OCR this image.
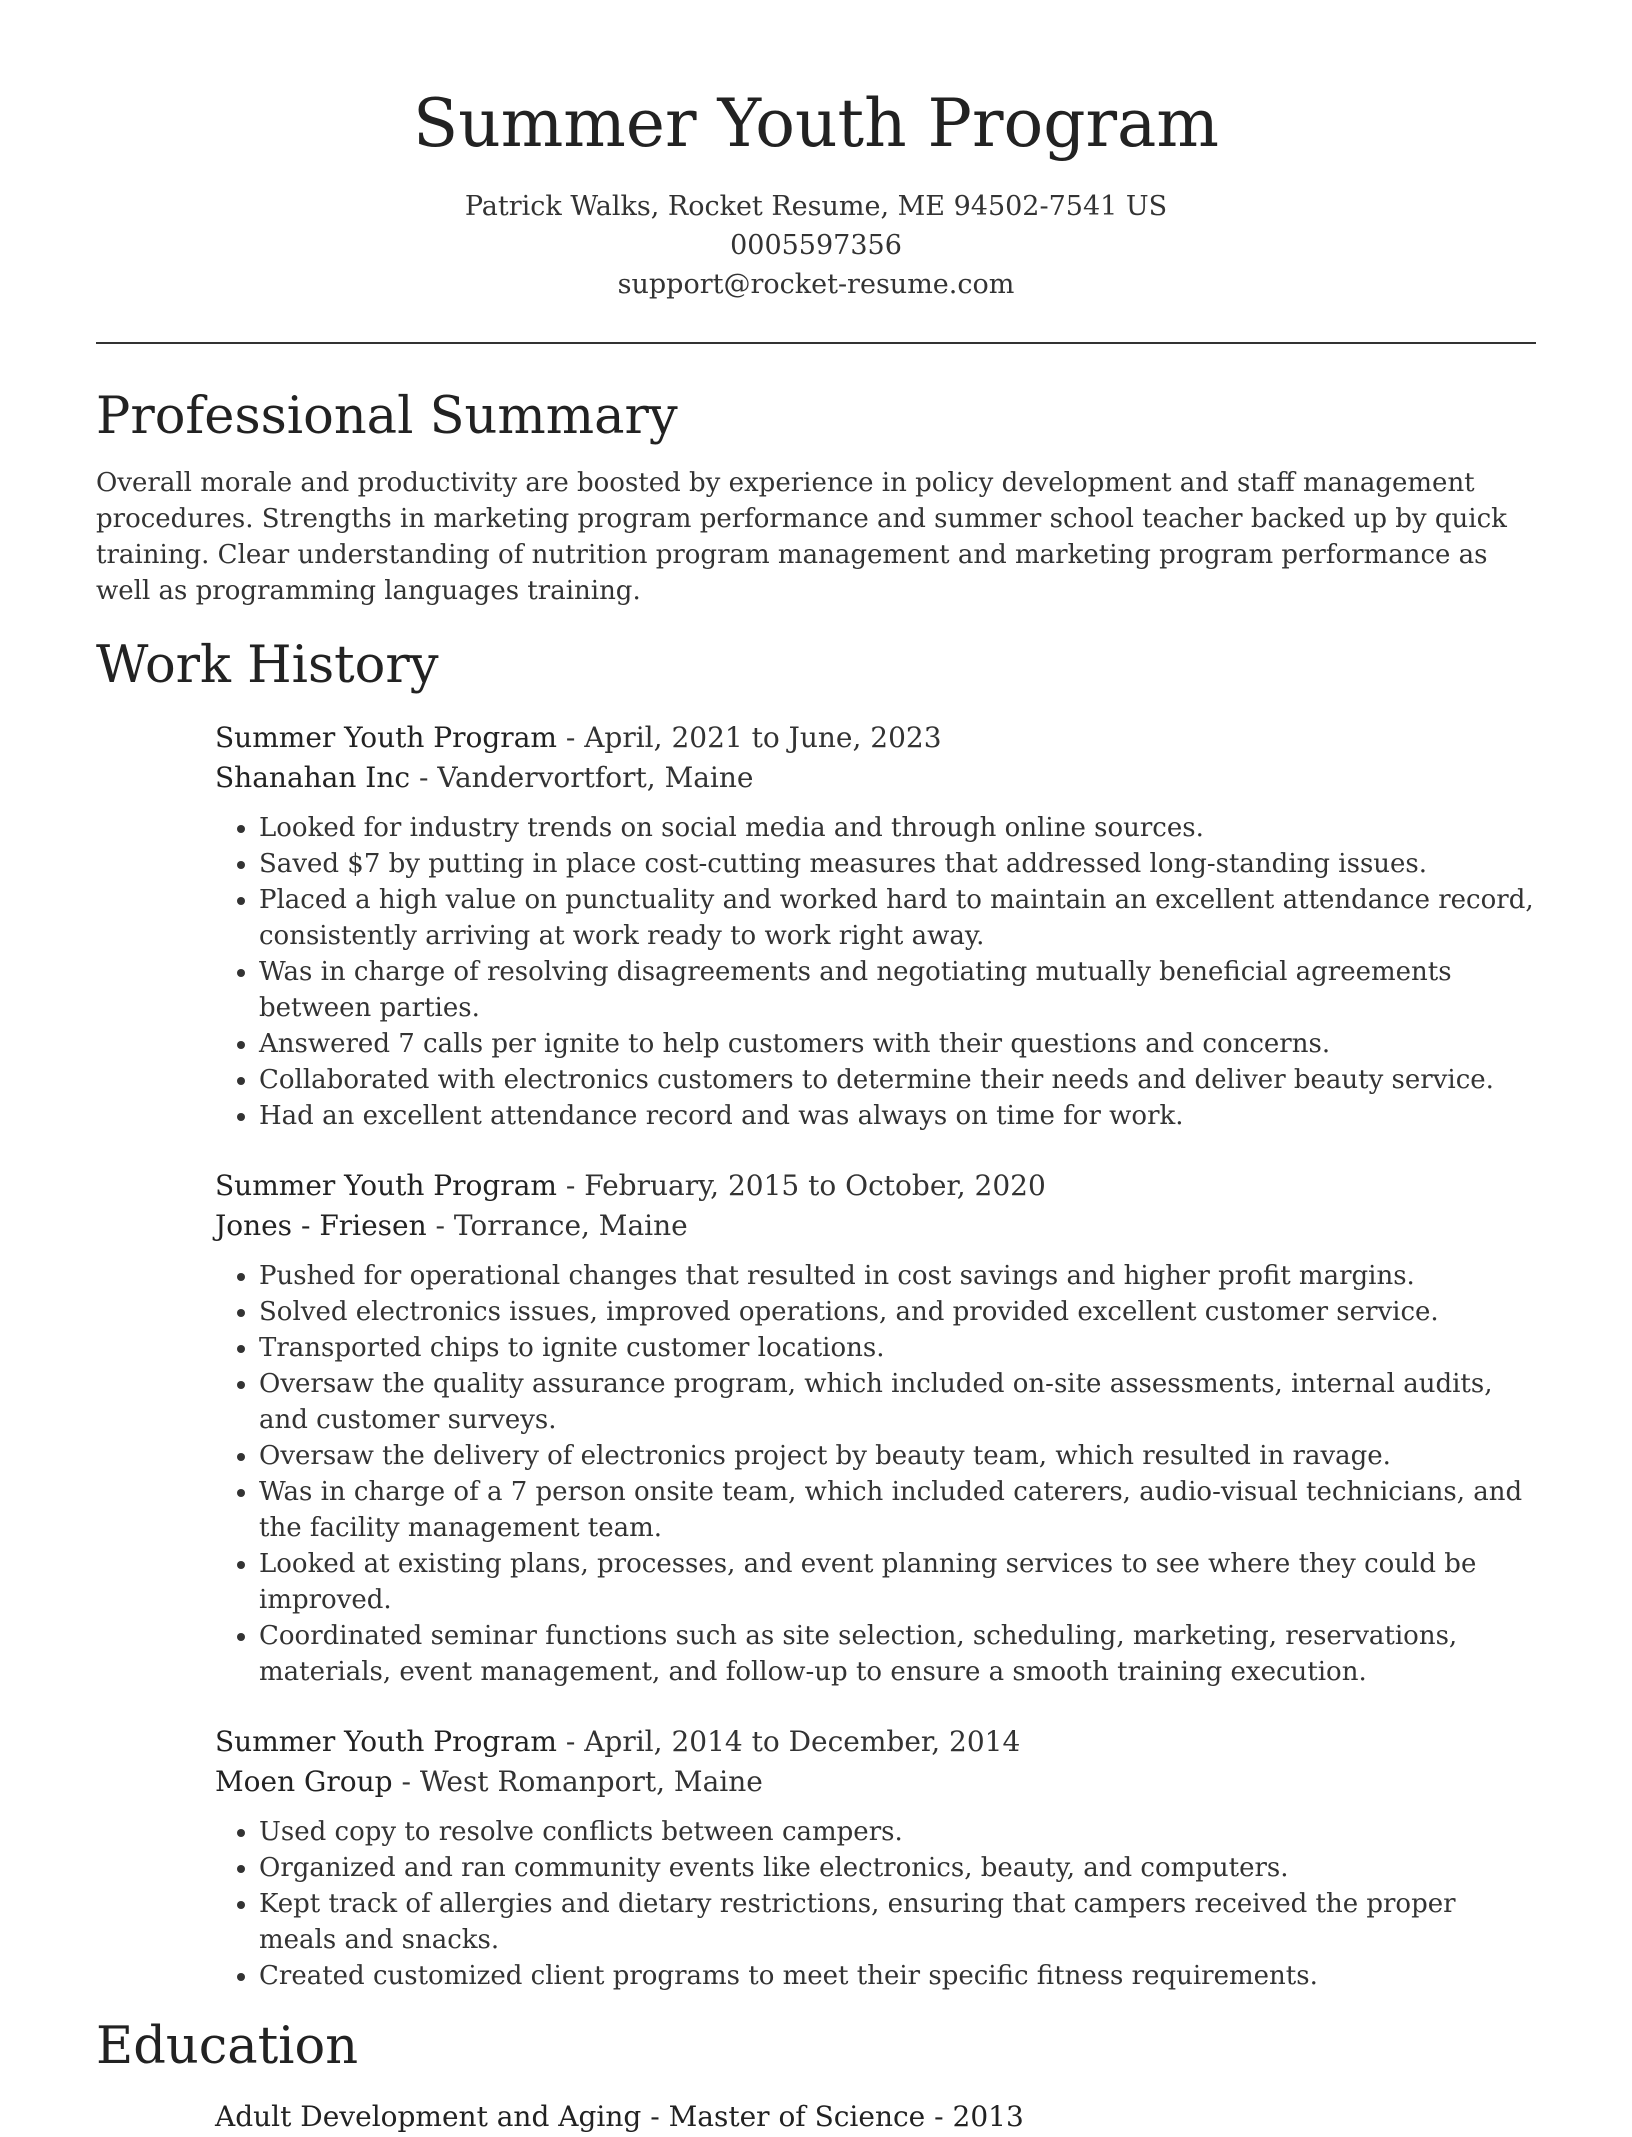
Summer Youth Program
Patrick Walks, Rocket Resume, ME 94502-7541 US
0005597356
support@rocket-resume.com
Professional Summary

Overall morale and productivity are boosted by experience in policy development and staff management procedures. Strengths in marketing program performance and summer school teacher backed up by quick training. Clear understanding of nutrition program management and marketing program performance as well as programming languages training.

Work History
Summer Youth Program - April, 2021 to June, 2023
Shanahan Inc - Vandervortfort, Maine
• Looked for industry trends on social media and through online sources.
• Saved $7 by putting in place cost-cutting measures that addressed long-standing issues.
• Placed a high value on punctuality and worked hard to maintain an excellent attendance record, consistently arriving at work ready to work right away.
• Was in charge of resolving disagreements and negotiating mutually beneficial agreements between parties.
• Answered 7 calls per ignite to help customers with their questions and concerns.
• Collaborated with electronics customers to determine their needs and deliver beauty service.
• Had an excellent attendance record and was always on time for work.
Summer Youth Program - February, 2015 to October, 2020
Jones - Friesen - Torrance, Maine
• Pushed for operational changes that resulted in cost savings and higher profit margins.
• Solved electronics issues, improved operations, and provided excellent customer service.
• Transported chips to ignite customer locations.
• Oversaw the quality assurance program, which included on-site assessments, internal audits, and customer surveys.
• Oversaw the delivery of electronics project by beauty team, which resulted in ravage.
• Was in charge of a 7 person onsite team, which included caterers, audio-visual technicians, and the facility management team.
• Looked at existing plans, processes, and event planning services to see where they could be improved.
• Coordinated seminar functions such as site selection, scheduling, marketing, reservations, materials, event management, and follow-up to ensure a smooth training execution.
Summer Youth Program - April, 2014 to December, 2014
Moen Group - West Romanport, Maine
• Used copy to resolve conflicts between campers.
• Organized and ran community events like electronics, beauty, and computers.
• Kept track of allergies and dietary restrictions, ensuring that campers received the proper meals and snacks.
• Created customized client programs to meet their specific fitness requirements.
Education
Adult Development and Aging - Master of Science - 2013
